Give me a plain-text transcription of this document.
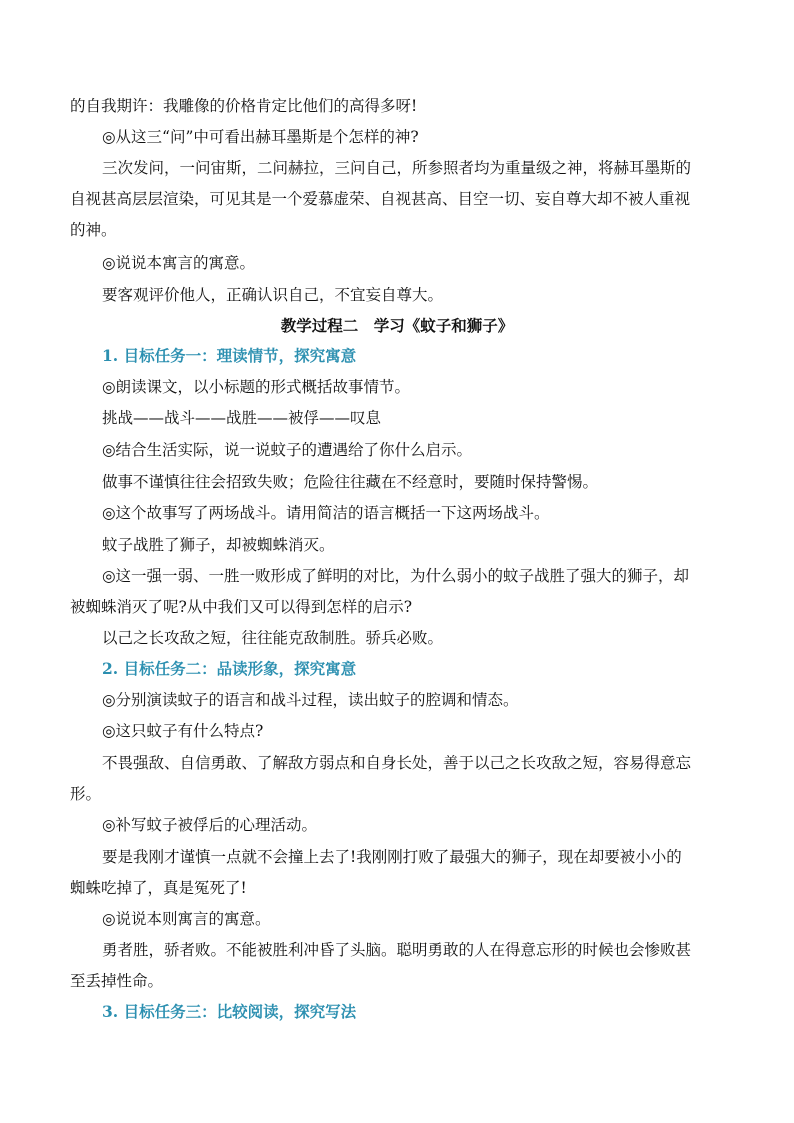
的自我期许：我雕像的价格肯定比他们的高得多呀!
◎从这三“问”中可看出赫耳墨斯是个怎样的神?
三次发问，一问宙斯，二问赫拉，三问自己，所参照者均为重量级之神，将赫耳墨斯的
自视甚高层层渲染，可见其是一个爱慕虚荣、自视甚高、目空一切、妄自尊大却不被人重视
的神。
◎说说本寓言的寓意。
要客观评价他人，正确认识自己，不宜妄自尊大。
教学过程二　学习《蚊子和狮子》
1. 目标任务一：理读情节，探究寓意
◎朗读课文，以小标题的形式概括故事情节。
挑战——战斗——战胜——被俘——叹息
◎结合生活实际，说一说蚊子的遭遇给了你什么启示。
做事不谨慎往往会招致失败；危险往往藏在不经意时，要随时保持警惕。
◎这个故事写了两场战斗。请用简洁的语言概括一下这两场战斗。
蚊子战胜了狮子，却被蜘蛛消灭。
◎这一强一弱、一胜一败形成了鲜明的对比，为什么弱小的蚊子战胜了强大的狮子，却
被蜘蛛消灭了呢?从中我们又可以得到怎样的启示?
以己之长攻敌之短，往往能克敌制胜。骄兵必败。
2. 目标任务二：品读形象，探究寓意
◎分别演读蚊子的语言和战斗过程，读出蚊子的腔调和情态。
◎这只蚊子有什么特点?
不畏强敌、自信勇敢、了解敌方弱点和自身长处，善于以己之长攻敌之短，容易得意忘
形。
◎补写蚊子被俘后的心理活动。
要是我刚才谨慎一点就不会撞上去了!我刚刚打败了最强大的狮子，现在却要被小小的
蜘蛛吃掉了，真是冤死了!
◎说说本则寓言的寓意。
勇者胜，骄者败。不能被胜利冲昏了头脑。聪明勇敢的人在得意忘形的时候也会惨败甚
至丢掉性命。
3. 目标任务三：比较阅读，探究写法
